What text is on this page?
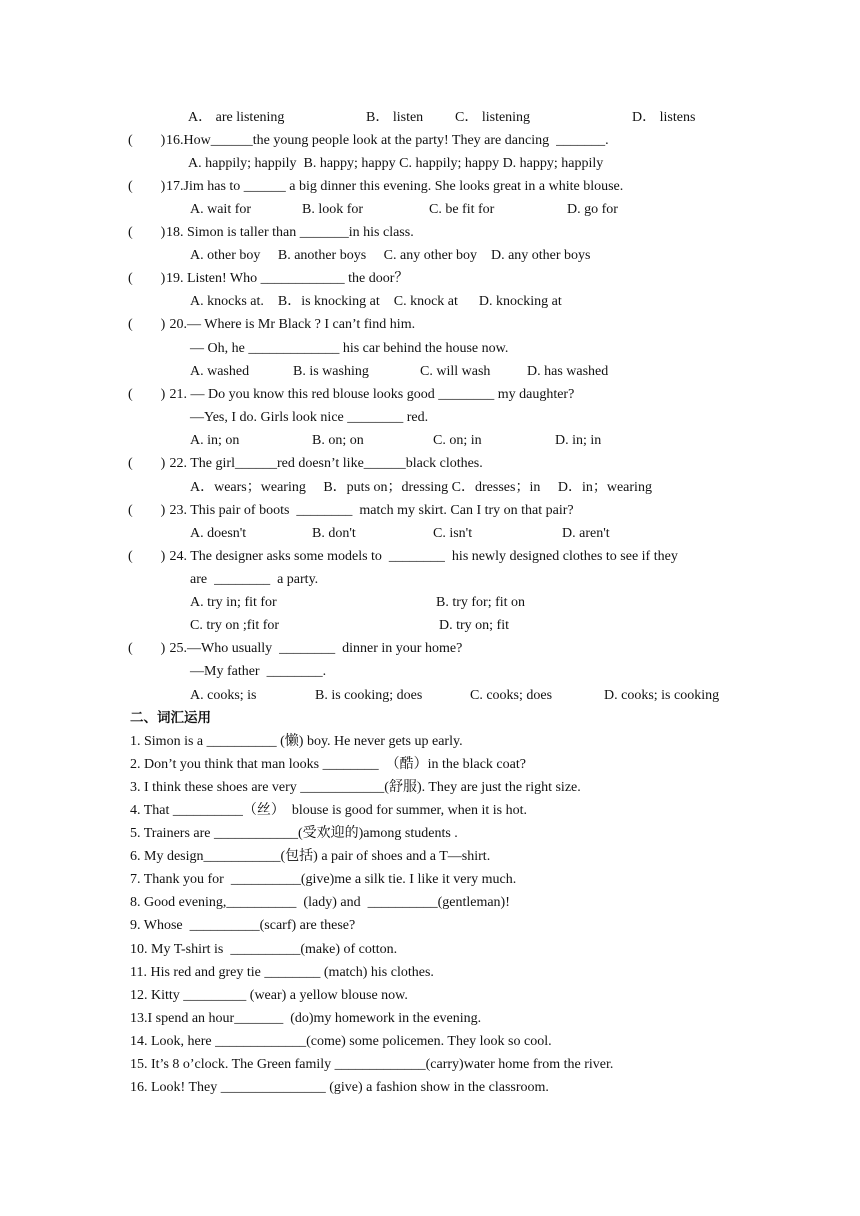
A． are listening	B． listen C． listening	D． listens
(        ) 16.How______the young people look at the party! They are dancing  _______.
A. happily; happily  B. happy; happy C. happily; happy D. happy; happily
(        ) 17.Jim has to ______ a big dinner this evening. She looks great in a white blouse.
A. wait for	B. look for	C. be fit for	D. go for
(        ) 18. Simon is taller than _______in his class.
A. other boy     B. another boys     C. any other boy    D. any other boys
(        ) 19. Listen! Who ____________ the door？
A. knocks at.    B．is knocking at    C. knock at      D. knocking at
(        ) 20.— Where is Mr Black ? I can’t find him.
— Oh, he _____________ his car behind the house now.
A. washed	B. is washing	C. will wash	D. has washed
(        ) 21. — Do you know this red blouse looks good ________ my daughter?
—Yes, I do. Girls look nice ________ red.
A. in; on	B. on; on	C. on; in	D. in; in
(        ) 22. The girl______red doesn’t like______black clothes.
A．wears；wearing     B．puts on；dressing C．dresses；in     D．in；wearing
(        ) 23. This pair of boots  ________  match my skirt. Can I try on that pair?
A. doesn't	B. don't	C. isn't	D. aren't
(        ) 24. The designer asks some models to  ________  his newly designed clothes to see if they
are  ________  a party.
A. try in; fit for	B. try for; fit on
C. try on ;fit for	D. try on; fit
(        ) 25.—Who usually  ________  dinner in your home?
—My father  ________.
A. cooks; is	B. is cooking; does	C. cooks; does	D. cooks; is cooking
二、词汇运用
1. Simon is a __________ (懒) boy. He never gets up early.
2. Don’t you think that man looks ________  （酷）in the black coat?
3. I think these shoes are very ____________(舒服). They are just the right size.
4. That __________（丝）  blouse is good for summer, when it is hot.
5. Trainers are ____________(受欢迎的)among students .
6. My design___________(包括) a pair of shoes and a T—shirt.
7. Thank you for  __________(give)me a silk tie. I like it very much.
8. Good evening,__________  (lady) and  __________(gentleman)!
9. Whose  __________(scarf) are these?
10. My T-shirt is  __________(make) of cotton.
11. His red and grey tie ________ (match) his clothes.
12. Kitty _________ (wear) a yellow blouse now.
13.I spend an hour_______  (do)my homework in the evening.
14. Look, here _____________(come) some policemen. They look so cool.
15. It’s 8 o’clock. The Green family _____________(carry)water home from the river.
16. Look! They _______________ (give) a fashion show in the classroom.
